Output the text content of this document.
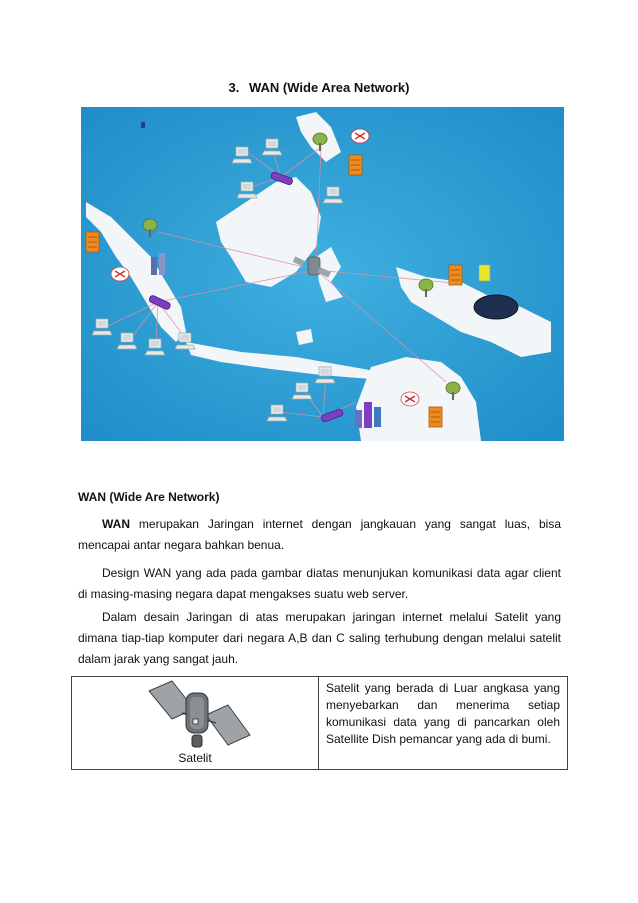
3. WAN (Wide Area Network)
WAN (Wide Are Network)

WAN merupakan Jaringan internet dengan jangkauan yang sangat luas, bisa mencapai antar negara bahkan benua.

Design WAN yang ada pada gambar diatas menunjukan komunikasi data agar client di masing-masing negara dapat mengakses suatu web server.

Dalam desain Jaringan di atas merupakan jaringan internet melalui Satelit yang dimana tiap-tiap komputer dari negara A,B dan C saling terhubung dengan melalui satelit dalam jarak yang sangat jauh.

Satelit
	Satelit yang berada di Luar angkasa yang menyebarkan dan menerima setiap komunikasi data yang di pancarkan oleh Satellite Dish pemancar yang ada di bumi.
